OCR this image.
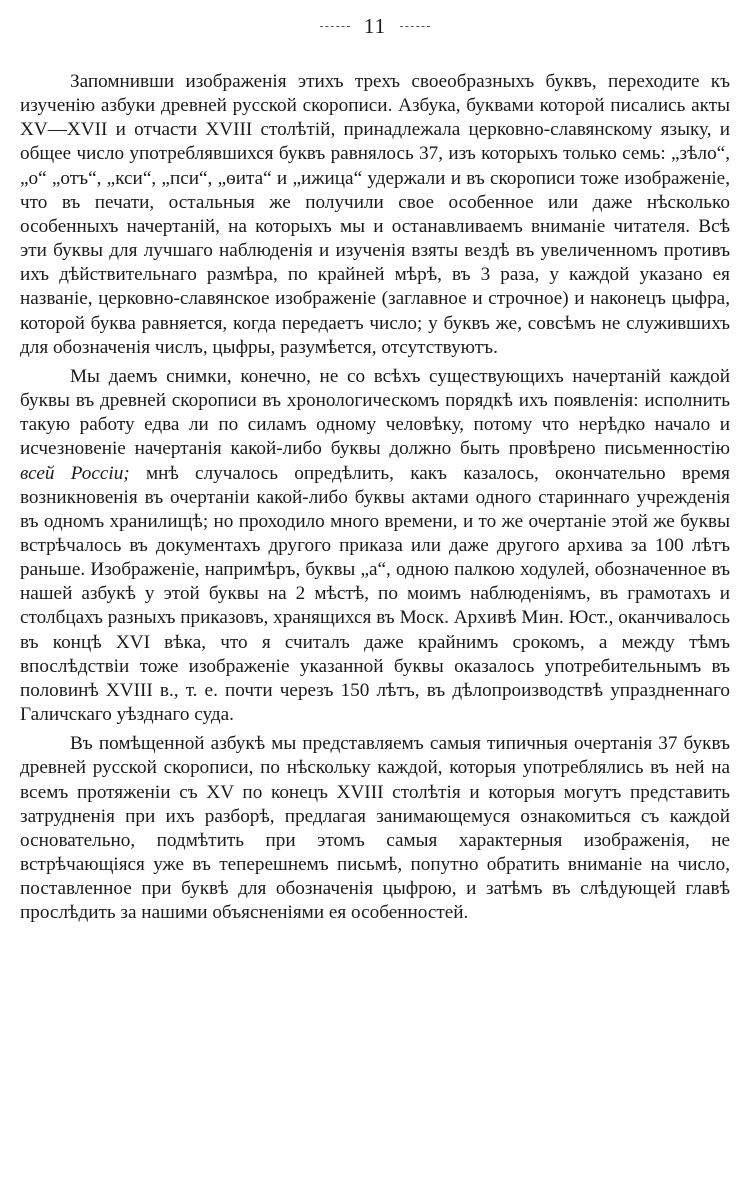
11

Запомнивши изображенія этихъ трехъ своеобразныхъ буквъ, переходите къ изученію азбуки древней русской скорописи. Азбука, буквами которой писались акты XV—XVII и отчасти XVIII столѣтій, принадлежала церковно-славянскому языку, и общее число употреблявшихся буквъ равнялось 37, изъ которыхъ только семь: „зѣло“, „о“ „отъ“, „кси“, „пси“, „ѳита“ и „ижица“ удержали и въ скорописи тоже изображеніе, что въ печати, остальныя же получили свое особенное или даже нѣсколько особенныхъ начертаній, на которыхъ мы и останавливаемъ вниманіе читателя. Всѣ эти буквы для лучшаго наблюденія и изученія взяты вездѣ въ увеличенномъ противъ ихъ дѣйствительнаго размѣра, по крайней мѣрѣ, въ 3 раза, у каждой указано ея названіе, церковно-славянское изображеніе (заглавное и строчное) и наконецъ цыфра, которой буква равняется, когда передаетъ число; у буквъ же, совсѣмъ не служившихъ для обозначенія числъ, цыфры, разумѣется, отсутствуютъ.

Мы даемъ снимки, конечно, не со всѣхъ существующихъ начертаній каждой буквы въ древней скорописи въ хронологическомъ порядкѣ ихъ появленія: исполнить такую работу едва ли по силамъ одному человѣку, потому что нерѣдко начало и исчезновеніе начертанія какой-либо буквы должно быть провѣрено письменностію всей Россіи; мнѣ случалось опредѣлить, какъ казалось, окончательно время возникновенія въ очертаніи какой-либо буквы актами одного стариннаго учрежденія въ одномъ хранилищѣ; но проходило много времени, и то же очертаніе этой же буквы встрѣчалось въ документахъ другого приказа или даже другого архива за 100 лѣтъ раньше. Изображеніе, напримѣръ, буквы „а“, одною палкою ходулей, обозначенное въ нашей азбукѣ у этой буквы на 2 мѣстѣ, по моимъ наблюденіямъ, въ грамотахъ и столбцахъ разныхъ приказовъ, хранящихся въ Моск. Архивѣ Мин. Юст., оканчивалось въ концѣ XVI вѣка, что я считалъ даже крайнимъ срокомъ, а между тѣмъ впослѣдствіи тоже изображеніе указанной буквы оказалось употребительнымъ въ половинѣ XVIII в., т. е. почти черезъ 150 лѣтъ, въ дѣлопроизводствѣ упраздненнаго Галичскаго уѣзднаго суда.

Въ помѣщенной азбукѣ мы представляемъ самыя типичныя очертанія 37 буквъ древней русской скорописи, по нѣскольку каждой, которыя употреблялись въ ней на всемъ протяженіи съ XV по конецъ XVIII столѣтія и которыя могутъ представить затрудненія при ихъ разборѣ, предлагая занимающемуся ознакомиться съ каждой основательно, подмѣтить при этомъ самыя характерныя изображенія, не встрѣчающіяся уже въ теперешнемъ письмѣ, попутно обратить вниманіе на число, поставленное при буквѣ для обозначенія цыфрою, и затѣмъ въ слѣдующей главѣ прослѣдить за нашими объясненіями ея особенностей.
